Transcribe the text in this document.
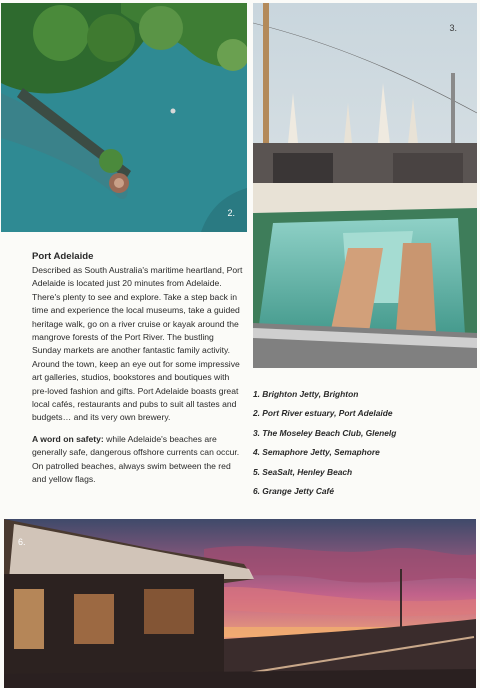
2.
3.
Port Adelaide

Described as South Australia's maritime heartland, Port Adelaide is located just 20 minutes from Adelaide. There's plenty to see and explore. Take a step back in time and experience the local museums, take a guided heritage walk, go on a river cruise or kayak around the mangrove forests of the Port River. The bustling Sunday markets are another fantastic family activity. Around the town, keep an eye out for some impressive art galleries, studios, bookstores and boutiques with pre-loved fashion and gifts. Port Adelaide boasts great local cafés, restaurants and pubs to suit all tastes and budgets… and its very own brewery.

A word on safety: while Adelaide's beaches are generally safe, dangerous offshore currents can occur. On patrolled beaches, always swim between the red and yellow flags.

1. Brighton Jetty, Brighton
2. Port River estuary, Port Adelaide
3. The Moseley Beach Club, Glenelg
4. Semaphore Jetty, Semaphore
5. SeaSalt, Henley Beach
6. Grange Jetty Café
6.
